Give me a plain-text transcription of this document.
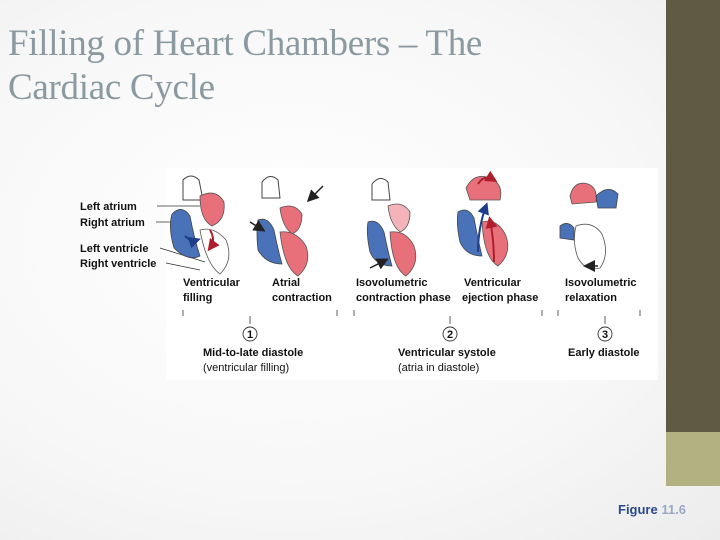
Filling of Heart Chambers – The
Cardiac Cycle
Left atrium
Right atrium
Left ventricle
Right ventricle
Ventricular
filling
Atrial
contraction
Isovolumetric
contraction phase
Ventricular
ejection phase
Isovolumetric
relaxation
1	2	3
Mid-to-late diastole
(ventricular filling)
Ventricular systole
(atria in diastole)
Early diastole
Figure 11.6
